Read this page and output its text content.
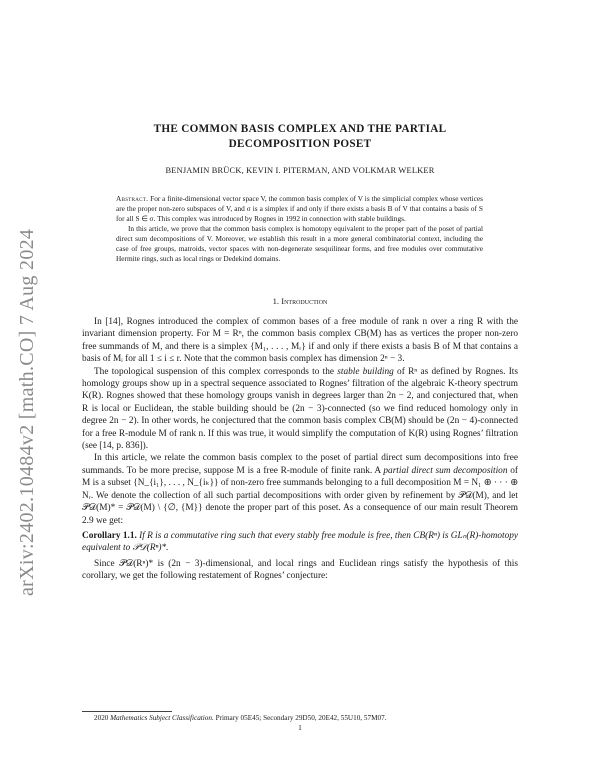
arXiv:2402.10484v2 [math.CO] 7 Aug 2024
THE COMMON BASIS COMPLEX AND THE PARTIAL
DECOMPOSITION POSET
BENJAMIN BRÜCK, KEVIN I. PITERMAN, AND VOLKMAR WELKER

Abstract. For a finite-dimensional vector space V, the common basis complex of V is the simplicial complex whose vertices are the proper non-zero subspaces of V, and σ is a simplex if and only if there exists a basis B of V that contains a basis of S for all S ∈ σ. This complex was introduced by Rognes in 1992 in connection with stable buildings.

In this article, we prove that the common basis complex is homotopy equivalent to the proper part of the poset of partial direct sum decompositions of V. Moreover, we establish this result in a more general combinatorial context, including the case of free groups, matroids, vector spaces with non-degenerate sesquilinear forms, and free modules over commutative Hermite rings, such as local rings or Dedekind domains.

1. Introduction

In [14], Rognes introduced the complex of common bases of a free module of rank n over a ring R with the invariant dimension property. For M = Rⁿ, the common basis complex CB(M) has as vertices the proper non-zero free summands of M, and there is a simplex {M₁, . . . , Mᵣ} if and only if there exists a basis B of M that contains a basis of Mᵢ for all 1 ≤ i ≤ r. Note that the common basis complex has dimension 2ⁿ − 3.

The topological suspension of this complex corresponds to the stable building of Rⁿ as defined by Rognes. Its homology groups show up in a spectral sequence associated to Rognes’ filtration of the algebraic K-theory spectrum K(R). Rognes showed that these homology groups vanish in degrees larger than 2n − 2, and conjectured that, when R is local or Euclidean, the stable building should be (2n − 3)-connected (so we find reduced homology only in degree 2n − 2). In other words, he conjectured that the common basis complex CB(M) should be (2n − 4)-connected for a free R-module M of rank n. If this was true, it would simplify the computation of K(R) using Rognes’ filtration (see [14, p. 836]).

In this article, we relate the common basis complex to the poset of partial direct sum decompositions into free summands. To be more precise, suppose M is a free R-module of finite rank. A partial direct sum decomposition of M is a subset {N_{i₁}, . . . , N_{iₖ}} of non-zero free summands belonging to a full decomposition M = N₁ ⊕ · · · ⊕ Nᵣ. We denote the collection of all such partial decompositions with order given by refinement by 𝒫𝒟(M), and let 𝒫𝒟(M)* = 𝒫𝒟(M) \ {∅, {M}} denote the proper part of this poset. As a consequence of our main result Theorem 2.9 we get:

Corollary 1.1. If R is a commutative ring such that every stably free module is free, then CB(Rⁿ) is GLₙ(R)-homotopy equivalent to 𝒫𝒟(Rⁿ)*.

Since 𝒫𝒟(Rⁿ)* is (2n − 3)-dimensional, and local rings and Euclidean rings satisfy the hypothesis of this corollary, we get the following restatement of Rognes’ conjecture:

2020 Mathematics Subject Classification. Primary 05E45; Secondary 29D50, 20E42, 55U10, 57M07.
1
